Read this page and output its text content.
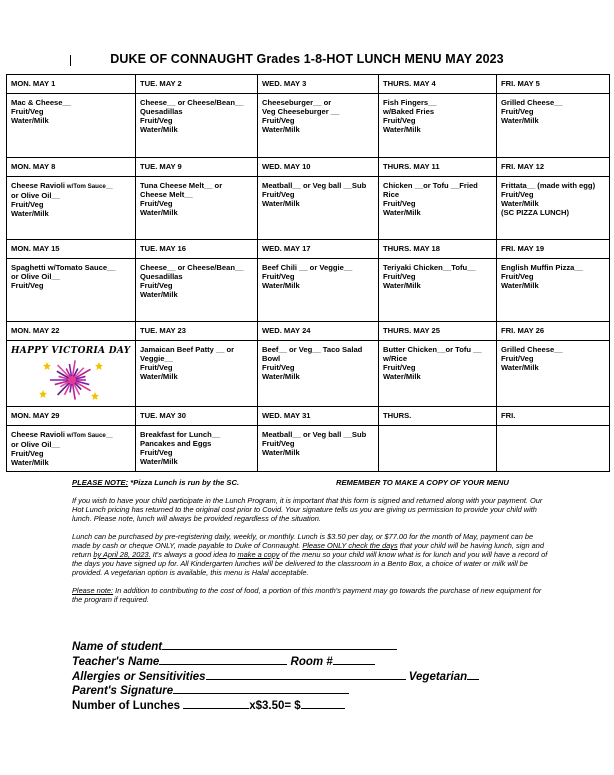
DUKE OF CONNAUGHT Grades 1-8-HOT LUNCH MENU MAY 2023
MON. MAY 1	TUE. MAY 2	WED. MAY 3	THURS. MAY 4	FRI. MAY 5

Mac & Cheese__
Fruit/Veg
Water/Milk	Cheese__ or Cheese/Bean__
Quesadillas
Fruit/Veg
Water/Milk	Cheeseburger__ or
Veg Cheeseburger __
Fruit/Veg
Water/Milk	Fish Fingers__
w/Baked Fries
Fruit/Veg
Water/Milk	Grilled Cheese__
Fruit/Veg
Water/Milk

MON. MAY 8	TUE. MAY 9	WED. MAY 10	THURS. MAY 11	FRI. MAY 12

Cheese Ravioli w/Tom Sauce__
or Olive Oil__
Fruit/Veg
Water/Milk	Tuna Cheese Melt__ or
Cheese Melt__
Fruit/Veg
Water/Milk	Meatball__ or Veg ball __Sub
Fruit/Veg
Water/Milk	Chicken __or Tofu __Fried
Rice
Fruit/Veg
Water/Milk	Frittata__ (made with egg)
Fruit/Veg
Water/Milk
(SC PIZZA LUNCH)

MON. MAY 15	TUE. MAY 16	WED. MAY 17	THURS. MAY 18	FRI. MAY 19

Spaghetti w/Tomato Sauce__
or Olive Oil__
Fruit/Veg	Cheese__ or Cheese/Bean__
Quesadillas
Fruit/Veg
Water/Milk	Beef Chili __ or Veggie__
Fruit/Veg
Water/Milk	Teriyaki Chicken__Tofu__
Fruit/Veg
Water/Milk	English Muffin Pizza__
Fruit/Veg
Water/Milk

MON. MAY 22	TUE. MAY 23	WED. MAY 24	THURS. MAY 25	FRI. MAY 26

HAPPY VICTORIA DAY	Jamaican Beef Patty __ or
Veggie__
Fruit/Veg
Water/Milk	Beef__ or Veg__ Taco Salad
Bowl
Fruit/Veg
Water/Milk	Butter Chicken__or Tofu __
w/Rice
Fruit/Veg
Water/Milk	Grilled Cheese__
Fruit/Veg
Water/Milk

MON. MAY 29	TUE. MAY 30	WED. MAY 31	THURS.	FRI.

Cheese Ravioli w/Tom Sauce__
or Olive Oil__
Fruit/Veg
Water/Milk	Breakfast for Lunch__
Pancakes and Eggs
Fruit/Veg
Water/Milk	Meatball__ or Veg ball __Sub
Fruit/Veg
Water/Milk		

PLEASE NOTE: *Pizza Lunch is run by the SC.

If you wish to have your child participate in the Lunch Program, it is important that this form is signed and returned along with your payment. Our Hot Lunch pricing has returned to the original cost prior to Covid. Your signature tells us you are giving us permission to provide your child with lunch. Please note, lunch will always be provided regardless of the situation.

Lunch can be purchased by pre-registering daily, weekly, or monthly. Lunch is $3.50 per day, or $77.00 for the month of May, payment can be made by cash or cheque ONLY, made payable to Duke of Connaught. Please ONLY check the days that your child will be having lunch, sign and return by April 28, 2023. It's always a good idea to make a copy of the menu so your child will know what is for lunch and you will have a record of the days you have signed up for. All Kindergarten lunches will be delivered to the classroom in a Bento Box, a choice of water or milk will be provided. A vegetarian option is available, this menu is Halal acceptable.

Please note: In addition to contributing to the cost of food, a portion of this month's payment may go towards the purchase of new equipment for the program if required.

REMEMBER TO MAKE A COPY OF YOUR MENU
Name of student
Teacher's Name	Room #
Allergies or Sensitivities	Vegetarian
Parent's Signature
Number of Lunches	x$3.50= $
